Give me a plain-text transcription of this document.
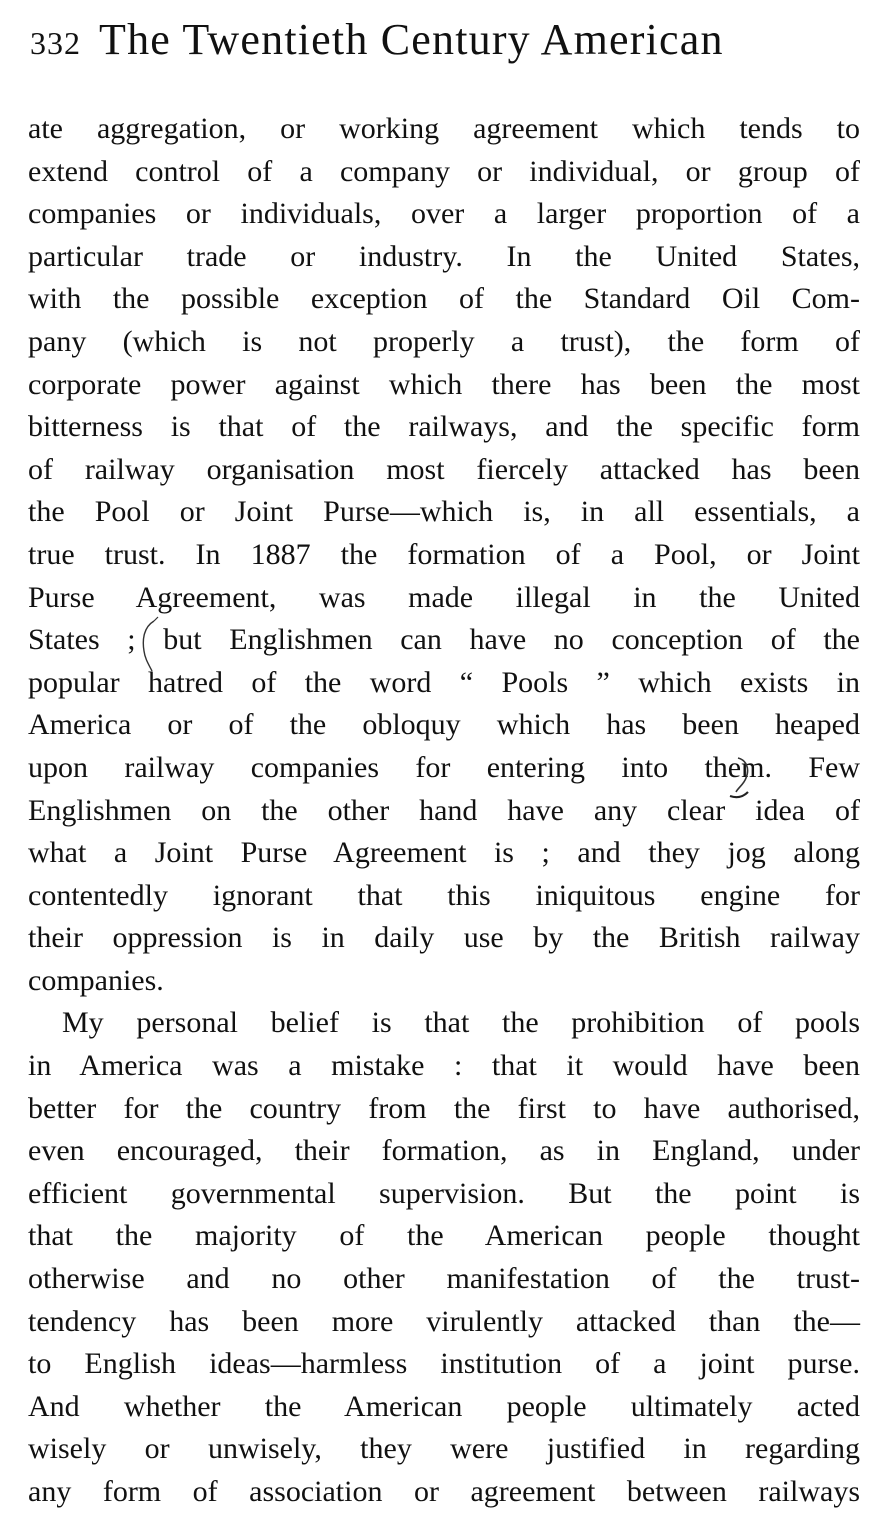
332 The Twentieth Century American
ate aggregation, or working agreement which tends to
extend control of a company or individual, or group of
companies or individuals, over a larger proportion of a
particular trade or industry. In the United States,
with the possible exception of the Standard Oil Com-
pany (which is not properly a trust), the form of
corporate power against which there has been the most
bitterness is that of the railways, and the specific form
of railway organisation most fiercely attacked has been
the Pool or Joint Purse—which is, in all essentials, a
true trust. In 1887 the formation of a Pool, or Joint
Purse Agreement, was made illegal in the United
States ; but Englishmen can have no conception of the
popular hatred of the word “ Pools ” which exists in
America or of the obloquy which has been heaped
upon railway companies for entering into them. Few
Englishmen on the other hand have any clear idea of
what a Joint Purse Agreement is ; and they jog along
contentedly ignorant that this iniquitous engine for
their oppression is in daily use by the British railway
companies.
My personal belief is that the prohibition of pools
in America was a mistake : that it would have been
better for the country from the first to have authorised,
even encouraged, their formation, as in England, under
efficient governmental supervision. But the point is
that the majority of the American people thought
otherwise and no other manifestation of the trust-
tendency has been more virulently attacked than the—
to English ideas—harmless institution of a joint purse.
And whether the American people ultimately acted
wisely or unwisely, they were justified in regarding
any form of association or agreement between railways
